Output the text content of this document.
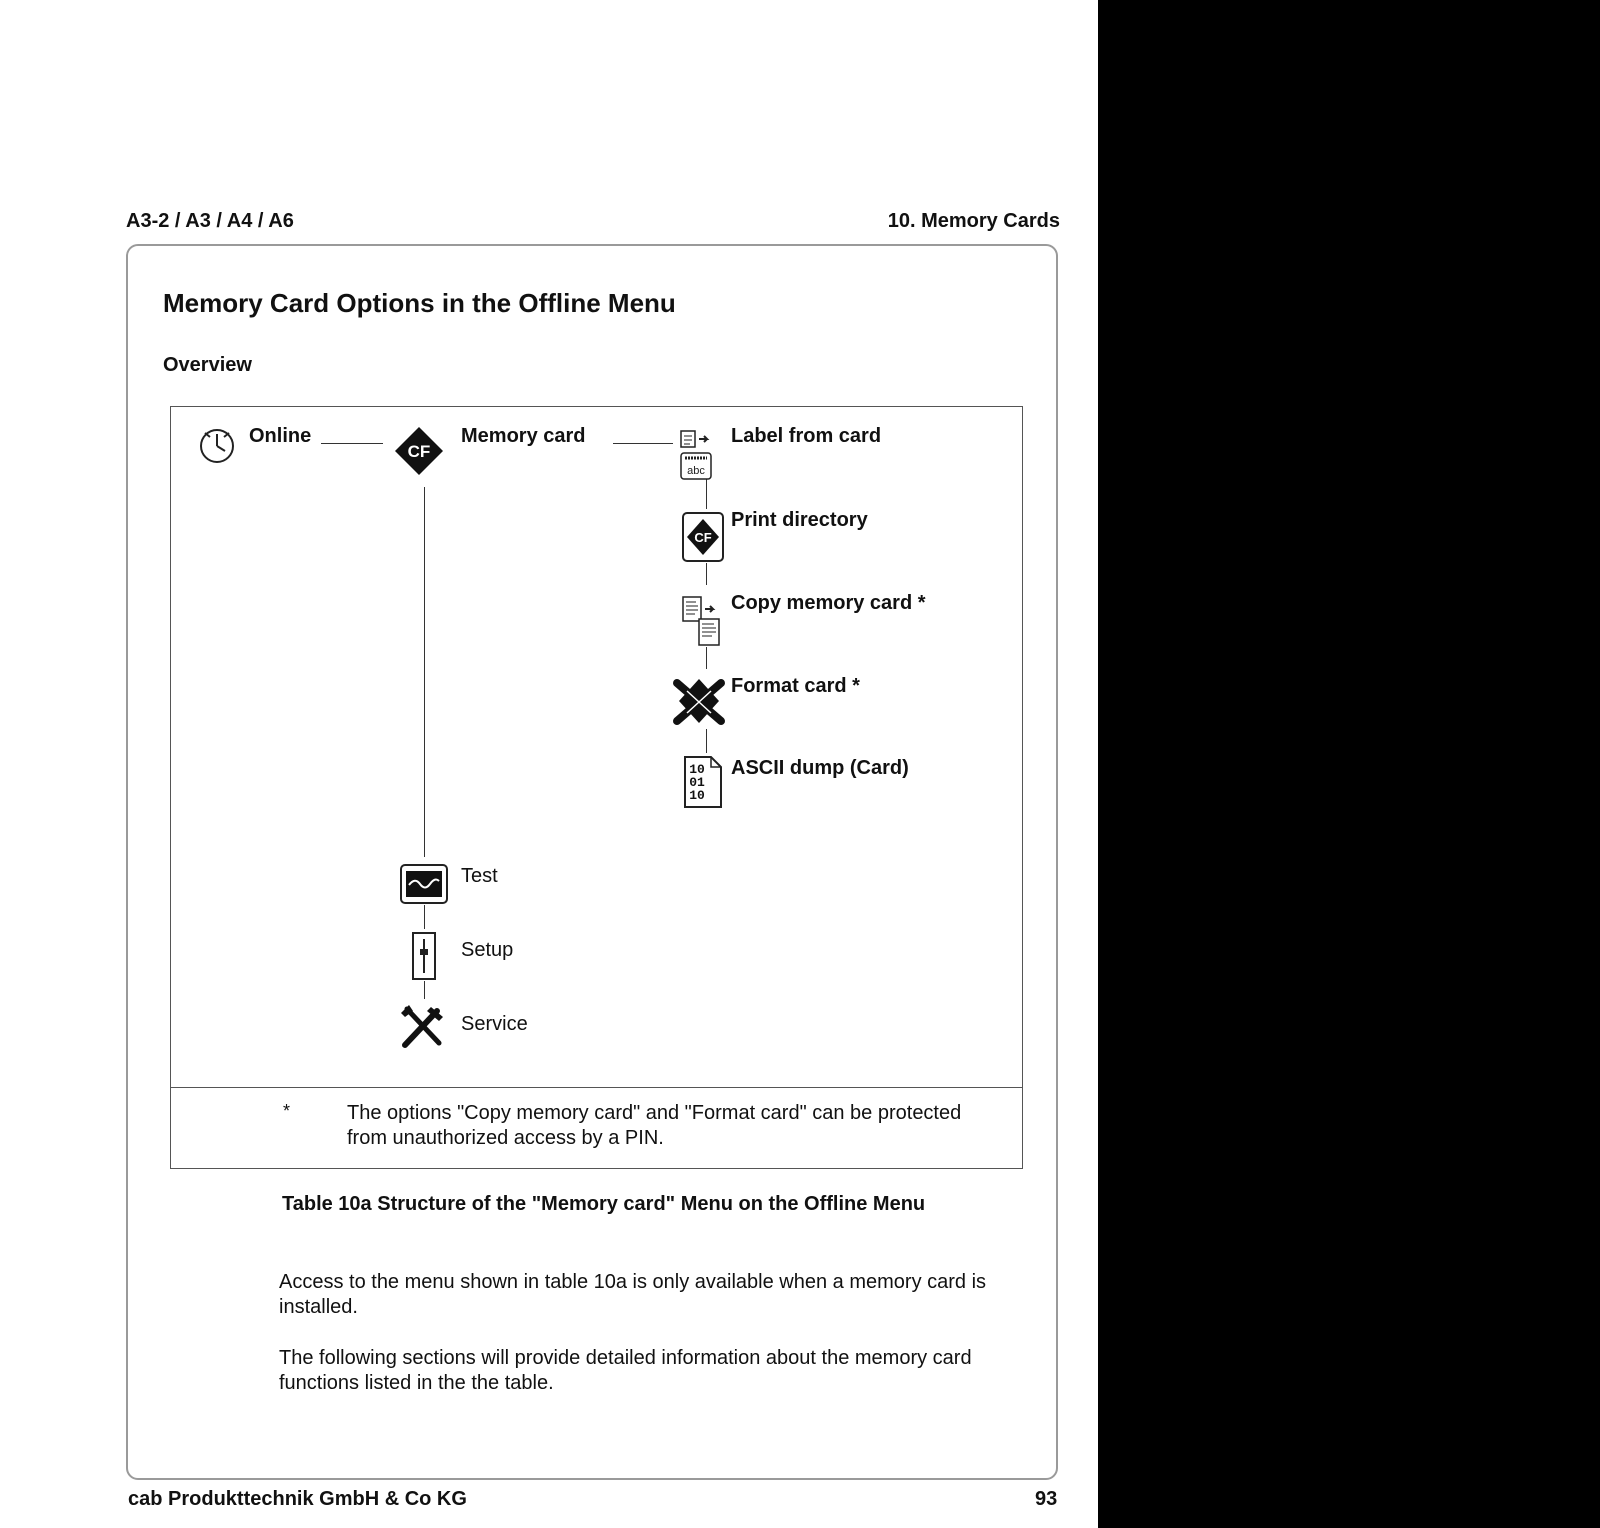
A3-2 / A3 / A4 / A6	10. Memory Cards
Memory Card Options in the Offline Menu
Overview
Online
CF
Memory card
abc
Label from card
CF
Print directory
Copy memory card *
Format card *
10
01
10
ASCII dump (Card)
Test
Setup
Service
*	The options "Copy memory card" and "Format card" can be protected from unauthorized access by a PIN.
Table 10a Structure of the "Memory card" Menu on the Offline Menu
Access to the menu shown in table 10a is only available when a memory card is installed.
The following sections will provide detailed information about the memory card functions listed in the the table.
cab Produkttechnik GmbH & Co KG	93
